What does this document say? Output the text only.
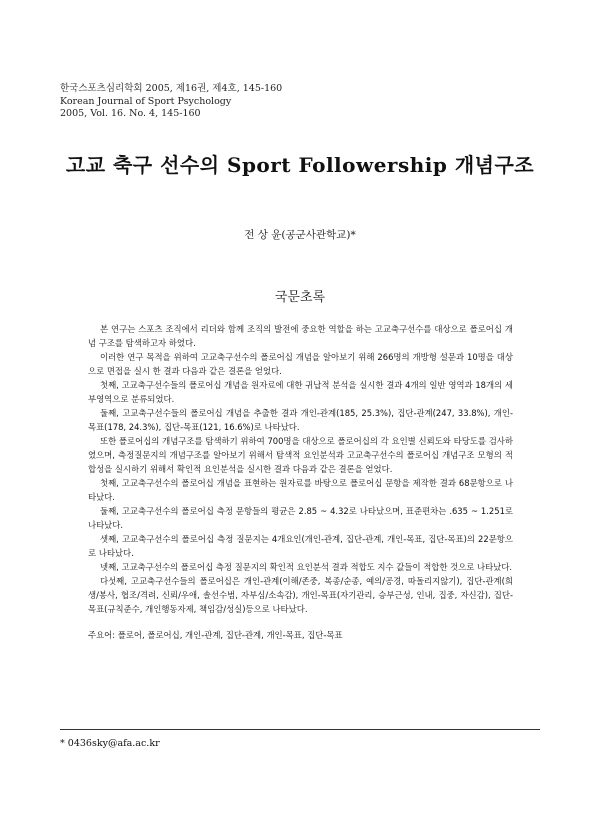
한국스포츠심리학회 2005, 제16권, 제4호, 145-160
Korean Journal of Sport Psychology
2005, Vol. 16. No. 4, 145-160
고교 축구 선수의 Sport Followership 개념구조
전 상 윤(공군사관학교)*
국문초록

본 연구는 스포츠 조직에서 리더와 함께 조직의 발전에 중요한 역할을 하는 고교축구선수를 대상으로 폴로어십 개념 구조를 탐색하고자 하였다.

이러한 연구 목적을 위하여 고교축구선수의 폴로어십 개념을 알아보기 위해 266명의 개방형 설문과 10명을 대상으로 면접을 실시 한 결과 다음과 같은 결론을 얻었다.

첫째, 고교축구선수들의 폴로어십 개념을 원자료에 대한 귀납적 분석을 실시한 결과 4개의 일반 영역과 18개의 세부영역으로 분류되었다.

둘째, 고교축구선수들의 폴로어십 개념을 추출한 결과 개인-관계(185, 25.3%), 집단-관계(247, 33.8%), 개인-목표(178, 24.3%), 집단-목표(121, 16.6%)로 나타났다.

또한 폴로어십의 개념구조를 탐색하기 위하여 700명을 대상으로 폴로어십의 각 요인별 신뢰도와 타당도를 검사하였으며, 측정질문지의 개념구조를 알아보기 위해서 탐색적 요인분석과 고교축구선수의 폴로어십 개념구조 모형의 적합성을 실시하기 위해서 확인적 요인분석을 실시한 결과 다음과 같은 결론을 얻었다.

첫째, 고교축구선수의 폴로어십 개념을 표현하는 원자료를 바탕으로 폴로어십 문항을 제작한 결과 68문항으로 나타났다.

둘째, 고교축구선수의 폴로어십 측정 문항들의 평균은 2.85 ~ 4.32로 나타났으며, 표준편차는 .635 ~ 1.251로 나타났다.

셋째, 고교축구선수의 폴로어십 측정 질문지는 4개요인(개인-관계, 집단-관계, 개인-목표, 집단-목표)의 22문항으로 나타났다.

넷째, 고교축구선수의 폴로어십 측정 질문지의 확인적 요인분석 결과 적합도 지수 값들이 적합한 것으로 나타났다.

다섯째, 고교축구선수들의 폴로어십은 개인-관계(이해/존중, 복종/순종, 예의/공경, 따돌리지않기), 집단-관계(희생/봉사, 협조/격려, 신뢰/우애, 솔선수범, 자부심/소속감), 개인-목표(자기관리, 승부근성, 인내, 집중, 자신감), 집단-목표(규칙준수, 개인행동자제, 책임감/성실)등으로 나타났다.

주요어: 폴로어, 폴로어십, 개인-관계, 집단-관계, 개인-목표, 집단-목표
* 0436sky@afa.ac.kr
